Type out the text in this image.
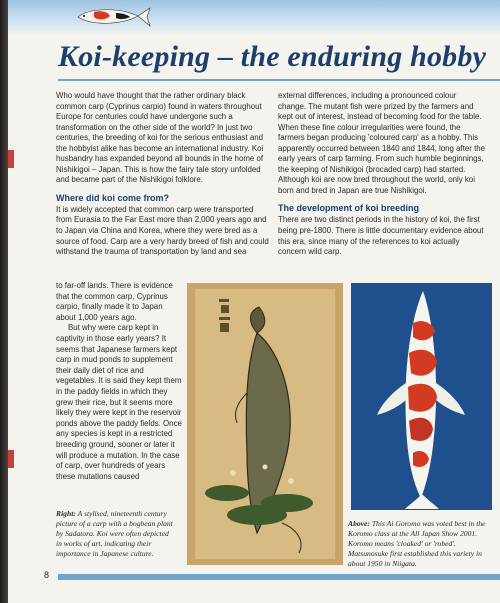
Koi-keeping – the enduring hobby

Who would have thought that the rather ordinary black common carp (Cyprinus carpio) found in waters throughout Europe for centuries could have undergone such a transformation on the other side of the world? In just two centuries, the breeding of koi for the serious enthusiast and the hobbyist alike has become an international industry. Koi husbandry has expanded beyond all bounds in the home of Nishikigoi – Japan. This is how the fairy tale story unfolded and became part of the Nishikigoi folklore.

Where did koi come from?

It is widely accepted that common carp were transported from Eurasia to the Far East more than 2,000 years ago and to Japan via China and Korea, where they were bred as a source of food. Carp are a very hardy breed of fish and could withstand the trauma of transportation by land and sea

to far-off lands. There is evidence that the common carp, Cyprinus carpio, finally made it to Japan about 1,000 years ago.

But why were carp kept in captivity in those early years? It seems that Japanese farmers kept carp in mud ponds to supplement their daily diet of rice and vegetables. It is said they kept them in the paddy fields in which they grew their rice, but it seems more likely they were kept in the reservoir ponds above the paddy fields. Once any species is kept in a restricted breeding ground, sooner or later it will produce a mutation. In the case of carp, over hundreds of years these mutations caused

external differences, including a pronounced colour change. The mutant fish were prized by the farmers and kept out of interest, instead of becoming food for the table. When these fine colour irregularities were found, the farmers began producing 'coloured carp' as a hobby. This apparently occurred between 1840 and 1844, long after the early years of carp farming. From such humble beginnings, the keeping of Nishikigoi (brocaded carp) had started. Although koi are now bred throughout the world, only koi born and bred in Japan are true Nishikigoi.

The development of koi breeding

There are two distinct periods in the history of koi, the first being pre-1800. There is little documentary evidence about this era, since many of the references to koi actually concern wild carp.

Right: A stylised, nineteenth century picture of a carp with a bogbean plant by Sadatora. Koi were often depicted in works of art, indicating their importance in Japanese culture.

Above: This Ai Goromo was voted best in the Koromo class at the All Japan Show 2001. Koromo means 'cloaked' or 'robed'. Matsunosuke first established this variety in about 1950 in Niigata.

8
